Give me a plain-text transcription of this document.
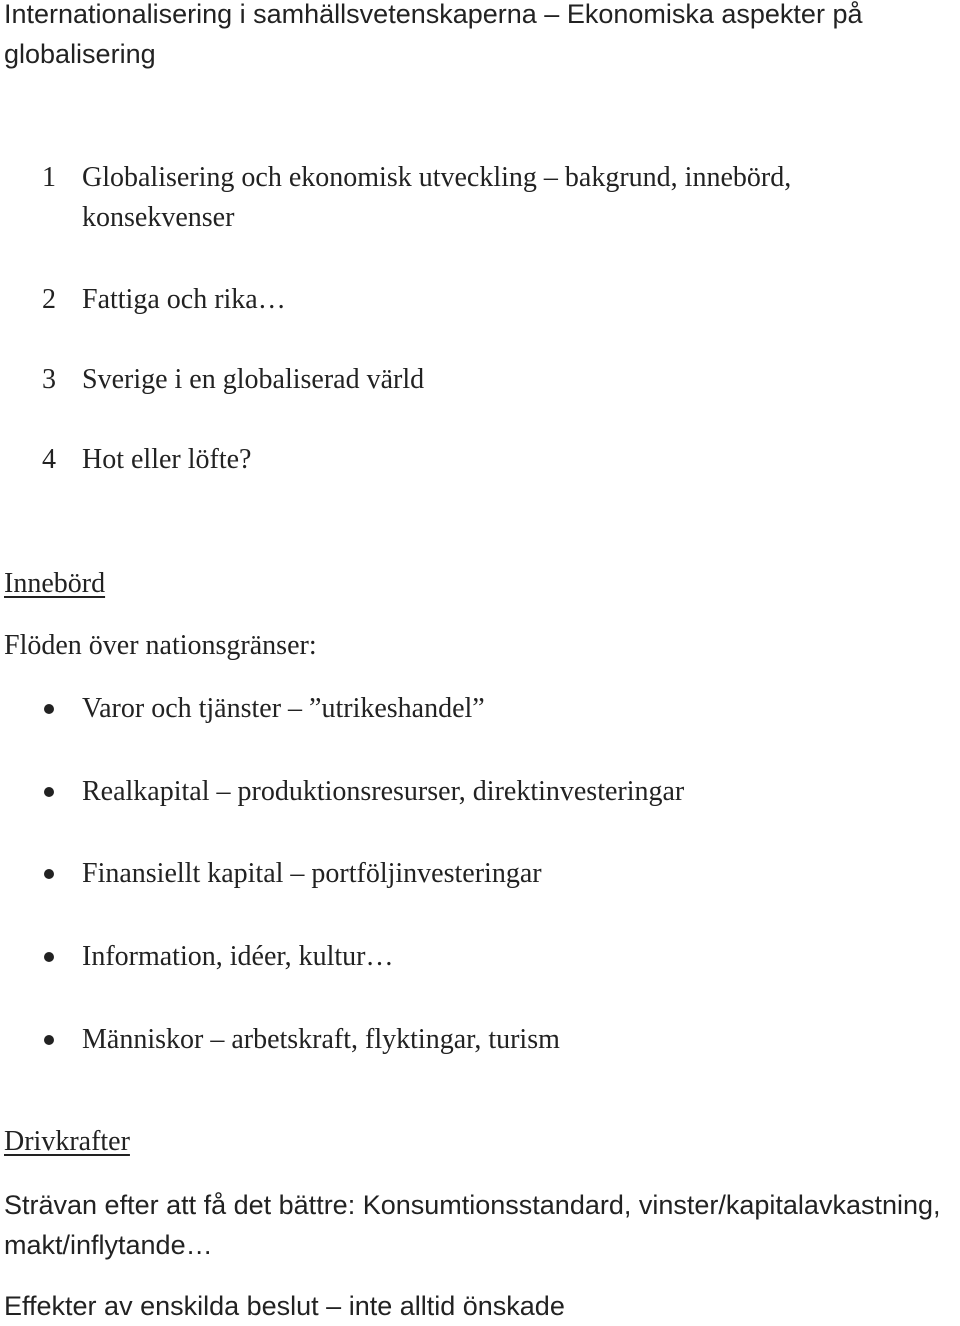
Internationalisering i samhällsvetenskaperna – Ekonomiska aspekter på

globalisering

1 Globalisering och ekonomisk utveckling – bakgrund, innebörd,
konsekvenser
2 Fattiga och rika…
3 Sverige i en globaliserad värld
4 Hot eller löfte?

Innebörd

Flöden över nationsgränser:

Varor och tjänster – ”utrikeshandel”
Realkapital – produktionsresurser, direktinvesteringar
Finansiellt kapital – portföljinvesteringar
Information, idéer, kultur…
Människor – arbetskraft, flyktingar, turism

Drivkrafter

Strävan efter att få det bättre: Konsumtionsstandard, vinster/kapitalavkastning,

makt/inflytande…

Effekter av enskilda beslut – inte alltid önskade
